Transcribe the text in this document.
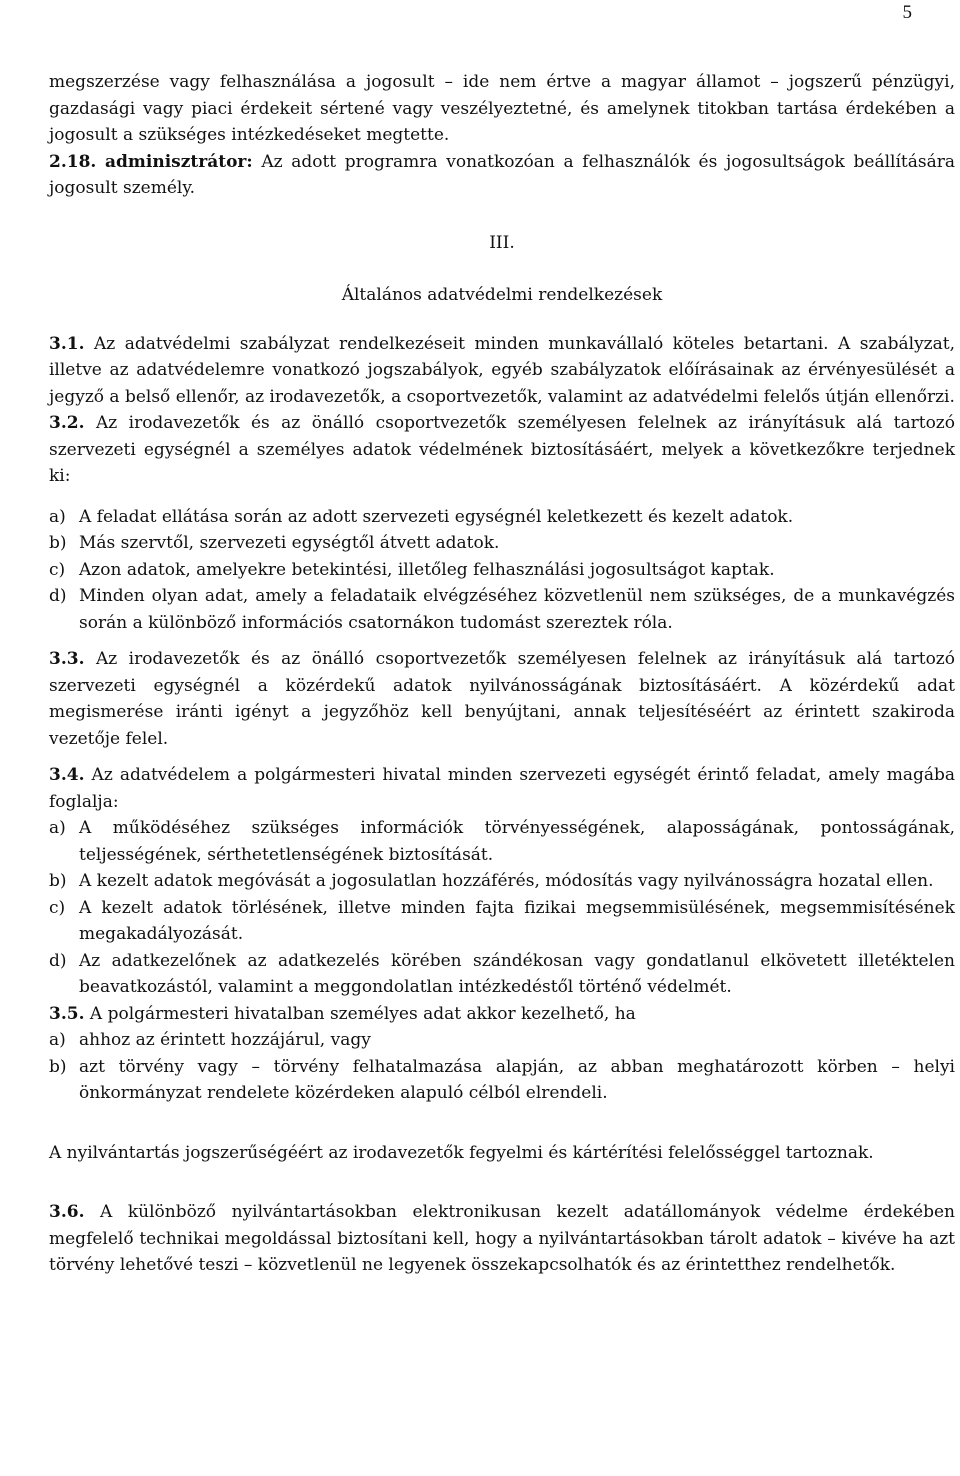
5

megszerzése vagy felhasználása a jogosult – ide nem értve a magyar államot – jogszerű pénzügyi, gazdasági vagy piaci érdekeit sértené vagy veszélyeztetné, és amelynek titokban tartása érdekében a jogosult a szükséges intézkedéseket megtette.

2.18. adminisztrátor: Az adott programra vonatkozóan a felhasználók és jogosultságok beállítására jogosult személy.

III.

Általános adatvédelmi rendelkezések

3.1. Az adatvédelmi szabályzat rendelkezéseit minden munkavállaló köteles betartani. A szabályzat, illetve az adatvédelemre vonatkozó jogszabályok, egyéb szabályzatok előírásainak az érvényesülését a jegyző a belső ellenőr, az irodavezetők, a csoportvezetők, valamint az adatvédelmi felelős útján ellenőrzi.

3.2. Az irodavezetők és az önálló csoportvezetők személyesen felelnek az irányításuk alá tartozó szervezeti egységnél a személyes adatok védelmének biztosításáért, melyek a következőkre terjednek ki:

a) A feladat ellátása során az adott szervezeti egységnél keletkezett és kezelt adatok.
b) Más szervtől, szervezeti egységtől átvett adatok.
c) Azon adatok, amelyekre betekintési, illetőleg felhasználási jogosultságot kaptak.
d) Minden olyan adat, amely a feladataik elvégzéséhez közvetlenül nem szükséges, de a munkavégzés során a különböző információs csatornákon tudomást szereztek róla.

3.3. Az irodavezetők és az önálló csoportvezetők személyesen felelnek az irányításuk alá tartozó szervezeti egységnél a közérdekű adatok nyilvánosságának biztosításáért. A közérdekű adat megismerése iránti igényt a jegyzőhöz kell benyújtani, annak teljesítéséért az érintett szakiroda vezetője felel.

3.4. Az adatvédelem a polgármesteri hivatal minden szervezeti egységét érintő feladat, amely magába foglalja:

a) A működéséhez szükséges információk törvényességének, alaposságának, pontosságának, teljességének, sérthetetlenségének biztosítását.
b) A kezelt adatok megóvását a jogosulatlan hozzáférés, módosítás vagy nyilvánosságra hozatal ellen.
c) A kezelt adatok törlésének, illetve minden fajta fizikai megsemmisülésének, megsemmisítésének megakadályozását.
d) Az adatkezelőnek az adatkezelés körében szándékosan vagy gondatlanul elkövetett illetéktelen beavatkozástól, valamint a meggondolatlan intézkedéstől történő védelmét.

3.5. A polgármesteri hivatalban személyes adat akkor kezelhető, ha

a) ahhoz az érintett hozzájárul, vagy
b) azt törvény vagy – törvény felhatalmazása alapján, az abban meghatározott körben – helyi önkormányzat rendelete közérdeken alapuló célból elrendeli.

A nyilvántartás jogszerűségéért az irodavezetők fegyelmi és kártérítési felelősséggel tartoznak.

3.6. A különböző nyilvántartásokban elektronikusan kezelt adatállományok védelme érdekében megfelelő technikai megoldással biztosítani kell, hogy a nyilvántartásokban tárolt adatok – kivéve ha azt törvény lehetővé teszi – közvetlenül ne legyenek összekapcsolhatók és az érintetthez rendelhetők.
